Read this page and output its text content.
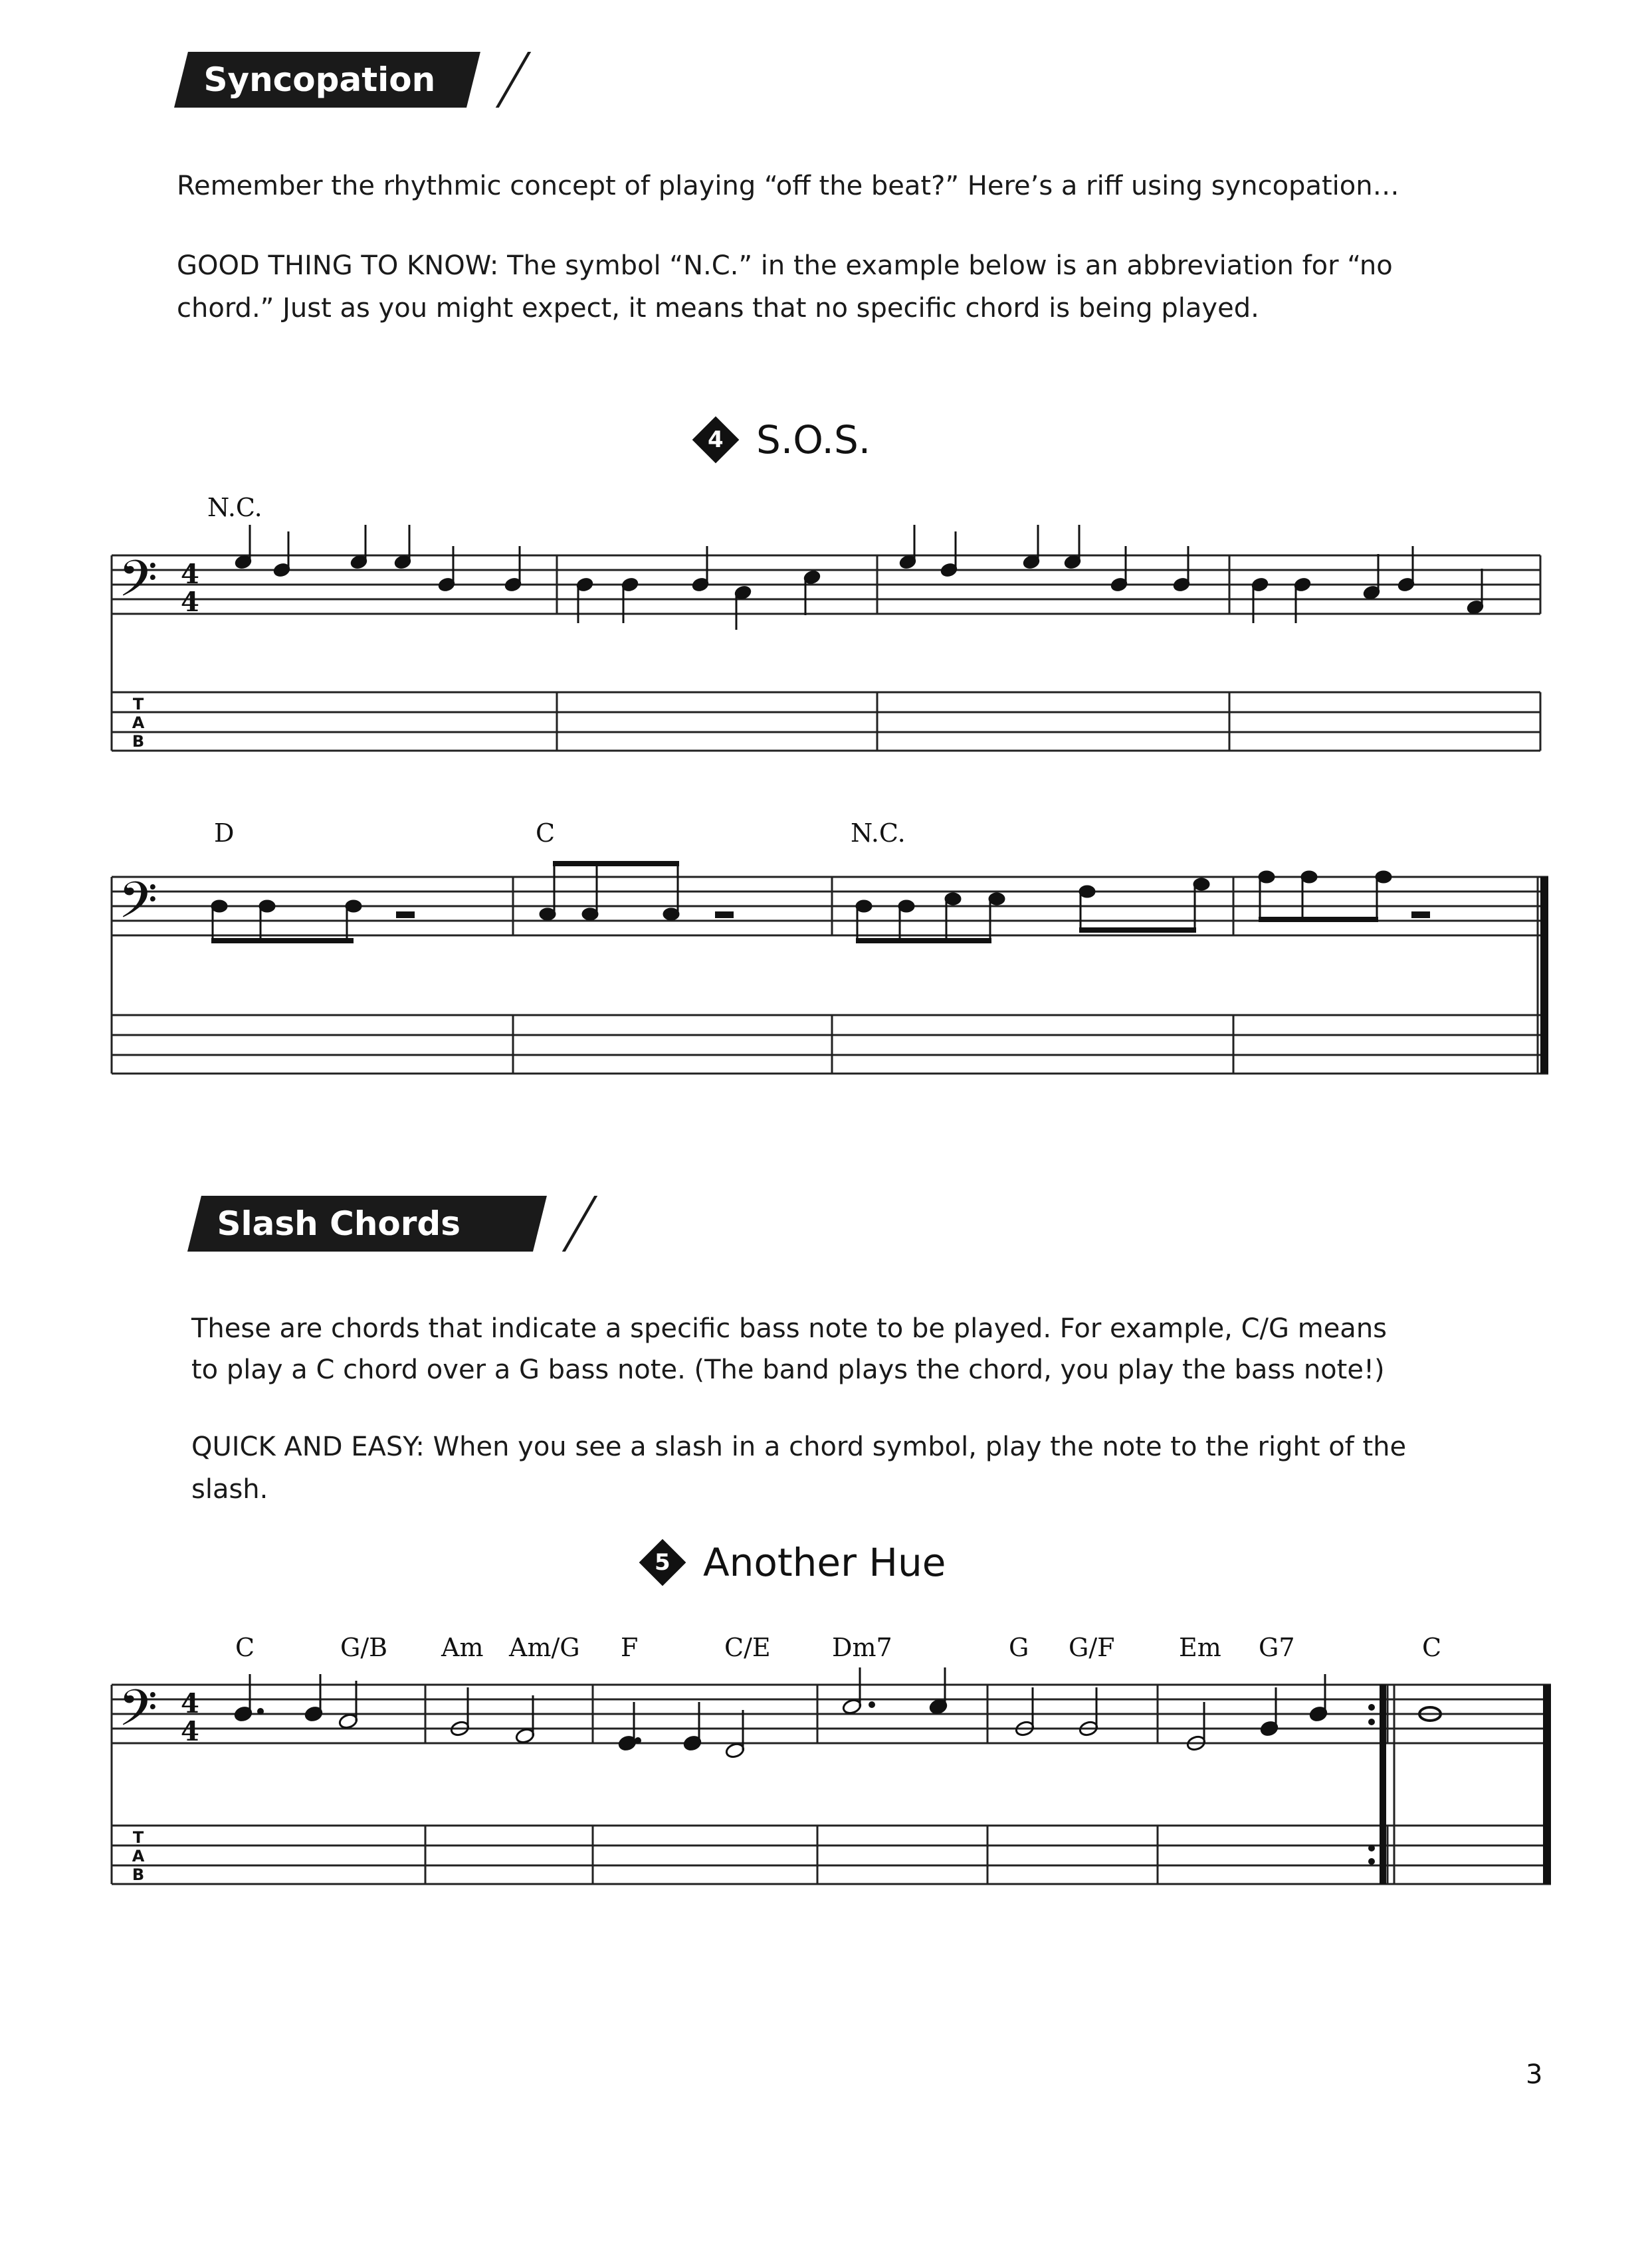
Syncopation
Remember the rhythmic concept of playing “off the beat?” Here’s a riff using syncopation…
GOOD THING TO KNOW: The symbol “N.C.” in the example below is an abbreviation for “no
chord.” Just as you might expect, it means that no specific chord is being played.
4 S.O.S.
N.C.
D	C	N.C.
Slash Chords
These are chords that indicate a specific bass note to be played. For example, C/G means
to play a C chord over a G bass note. (The band plays the chord, you play the bass note!)
QUICK AND EASY: When you see a slash in a chord symbol, play the note to the right of the
slash.
5 Another Hue
C	G/B Am Am/G F	C/E Dm7	G G/F	Em G7	C
𝄢 4
4
𝄢
𝄢 4
4
T
A
B
T
A
B
3
